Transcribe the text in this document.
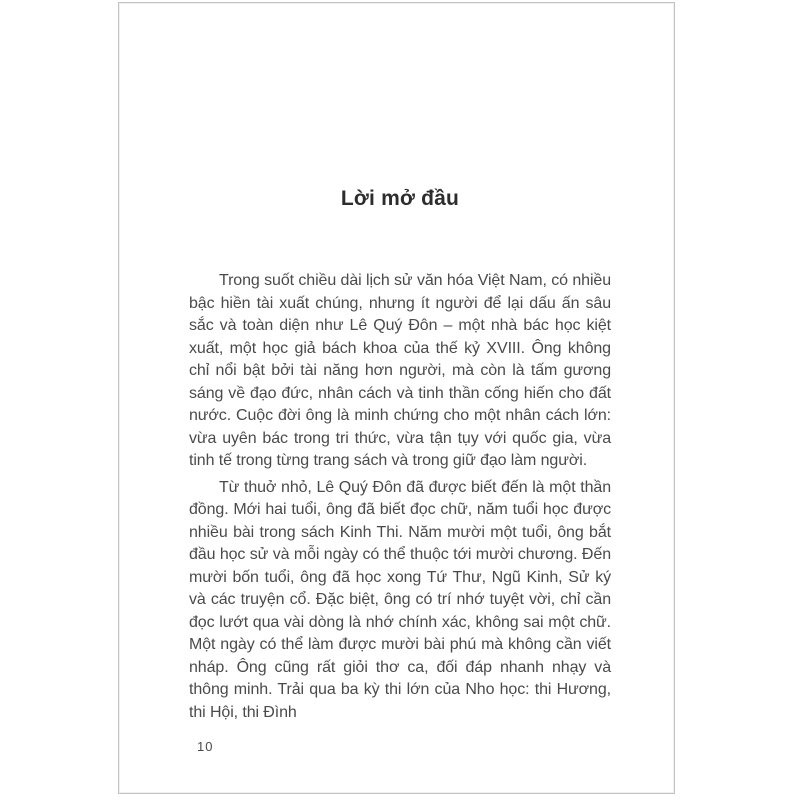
Lời mở đầu

Trong suốt chiều dài lịch sử văn hóa Việt Nam, có nhiều bậc hiền tài xuất chúng, nhưng ít người để lại dấu ấn sâu sắc và toàn diện như Lê Quý Đôn – một nhà bác học kiệt xuất, một học giả bách khoa của thế kỷ XVIII. Ông không chỉ nổi bật bởi tài năng hơn người, mà còn là tấm gương sáng về đạo đức, nhân cách và tinh thần cống hiến cho đất nước. Cuộc đời ông là minh chứng cho một nhân cách lớn: vừa uyên bác trong tri thức, vừa tận tụy với quốc gia, vừa tinh tế trong từng trang sách và trong giữ đạo làm người.

Từ thuở nhỏ, Lê Quý Đôn đã được biết đến là một thần đồng. Mới hai tuổi, ông đã biết đọc chữ, năm tuổi học được nhiều bài trong sách Kinh Thi. Năm mười một tuổi, ông bắt đầu học sử và mỗi ngày có thể thuộc tới mười chương. Đến mười bốn tuổi, ông đã học xong Tứ Thư, Ngũ Kinh, Sử ký và các truyện cổ. Đặc biệt, ông có trí nhớ tuyệt vời, chỉ cần đọc lướt qua vài dòng là nhớ chính xác, không sai một chữ. Một ngày có thể làm được mười bài phú mà không cần viết nháp. Ông cũng rất giỏi thơ ca, đối đáp nhanh nhạy và thông minh. Trải qua ba kỳ thi lớn của Nho học: thi Hương, thi Hội, thi Đình

10
